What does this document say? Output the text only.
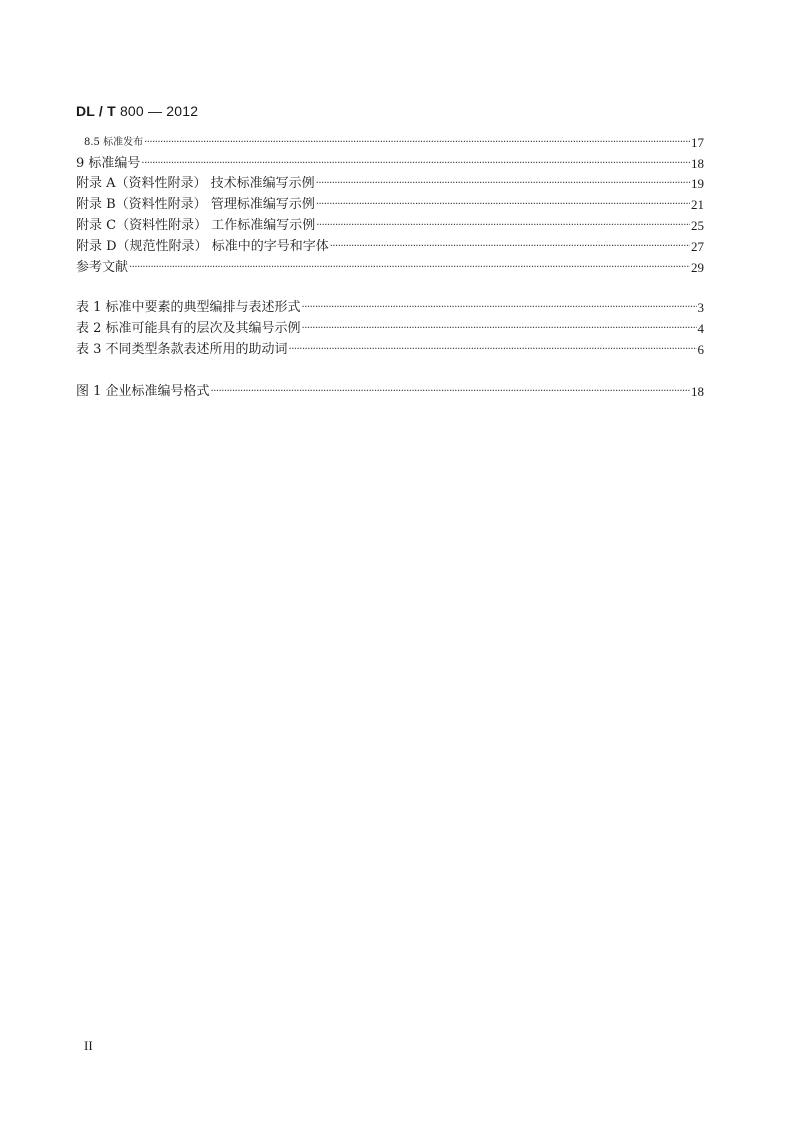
DL / T 800 — 2012
8.5 标准发布 ·····	17
9 标准编号 ·····	18
附录 A（资料性附录） 技术标准编写示例 ·····	19
附录 B（资料性附录） 管理标准编写示例 ·····	21
附录 C（资料性附录） 工作标准编写示例 ·····	25
附录 D（规范性附录） 标准中的字号和字体 ·····	27
参考文献 ·····	29
表 1 标准中要素的典型编排与表述形式 ·····	3
表 2 标准可能具有的层次及其编号示例 ·····	4
表 3 不同类型条款表述所用的助动词 ·····	6
图 1 企业标准编号格式 ·····	18
II
